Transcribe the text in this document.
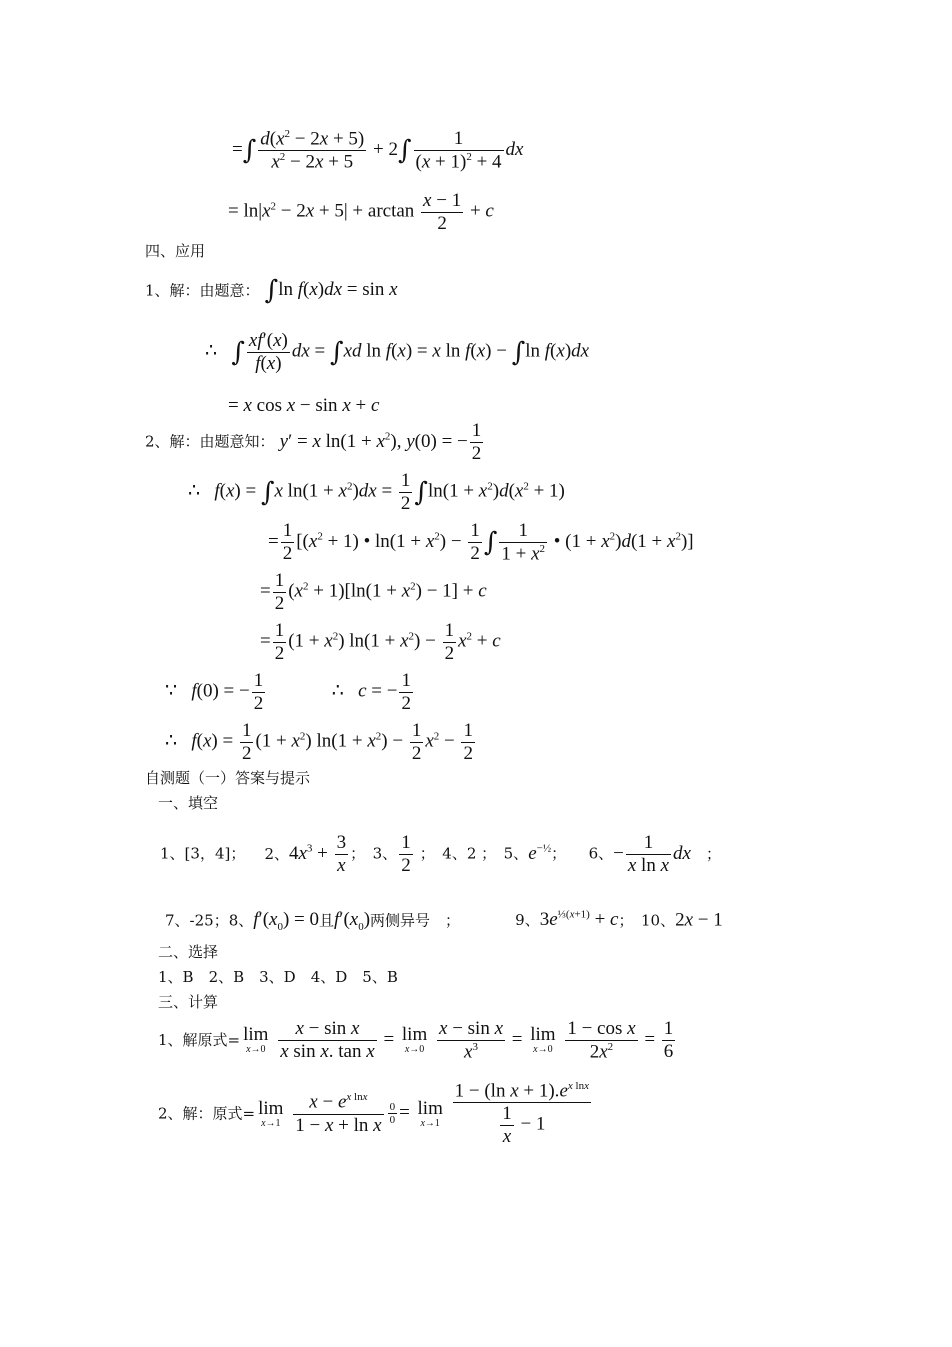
=∫ $\frac{d(x^2 - 2x + 5)}{x^2 - 2x + 5} + 2\int \frac{1}{(x + 1)^2 + 4}$ dx
= $\ln|x^2 - 2x + 5| + \arctan \frac{x - 1}{2} + c$
四、应用
1、解：由题意： ∫ln f(x)dx = sin x
∴ ∫ $\frac{xf'(x)}{f(x)}$ dx = ∫xd ln f(x) = x ln f(x) − ∫ln f(x)dx
= x cos x − sin x + c
2、解：由题意知： y′ = x $\ln(1 + x^2)$, y(0) = − $\frac{1}{2}$
∴ f(x) = ∫x $\ln(1 + x^2)dx = \frac{1}{2} \int\ln(1 + x^2)d(x^2 + 1)$
= $\frac{1}{2} [(x^2 + 1)$ • $\ln(1 + x^2) - \frac{1}{2}$ ∫ $\frac{1}{1 + x^2}$ • $(1 + x^2)d(1 + x^2)$]
= $\frac{1}{2} (x^2 + 1)[\ln(1 + x^2) - 1] + c$
= $\frac{1}{2} (1 + x^2) \ln(1 + x^2) - \frac{1}{2} x^2 + c$
∵ f(0) = − $\frac{1}{2}$	∴ c = − $\frac{1}{2}$
∴ $f(x) = \frac{1}{2} (1 + x^2) \ln(1 + x^2) - \frac{1}{2} x^2 - \frac{1}{2}$
自测题（一）答案与提示
一、填空
1、[3，4]； 2、$4x^3 + \frac{3}{x}$ ；　3、 $\frac{1}{2}$ ；　4、2 ；　5、$e^{-\frac{1}{2}}$；　　6、− $\frac{1}{\text{x ln x}}$ dx ；
7、-25；8、$f'(x_0) = 0$且$f'(x_0)$两侧异号　；	9、$3e^{\frac{1}{3}(x+1)} + c$；　10、2x − 1
二、选择
1、B　2、B　3、D　4、D　5、B
三、计算
1、解原式= lim
x→0
$\frac{\text{x − sin x}}{\text{x sin x. tan x}} = \lim$
x→0
$\frac{\text{x − sin x}}{x^3} = \lim$
x→0
$\frac{\text{1 − cos x}}{2x^2} = \frac{1}{6}$
2、解：原式= lim
x→1
$\frac{x - e^{x lnx}}{\text{1 − x + ln x}} \frac{0}{0} = \lim$
x→1
$\frac{1 - (\ln x + 1).e^{x lnx}}{\frac{1}{x} - 1}$
